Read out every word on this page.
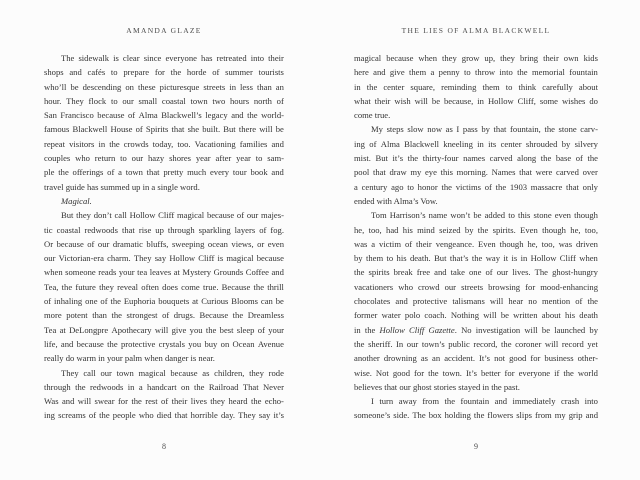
AMANDA GLAZE
The sidewalk is clear since everyone has retreated into their
shops and cafés to prepare for the horde of summer tourists
who’ll be descending on these picturesque streets in less than an
hour. They flock to our small coastal town two hours north of
San Francisco because of Alma Blackwell’s legacy and the world-
famous Blackwell House of Spirits that she built. But there will be
repeat visitors in the crowds today, too. Vacationing families and
couples who return to our hazy shores year after year to sam-
ple the offerings of a town that pretty much every tour book and
travel guide has summed up in a single word.
Magical.
But they don’t call Hollow Cliff magical because of our majes-
tic coastal redwoods that rise up through sparkling layers of fog.
Or because of our dramatic bluffs, sweeping ocean views, or even
our Victorian-era charm. They say Hollow Cliff is magical because
when someone reads your tea leaves at Mystery Grounds Coffee and
Tea, the future they reveal often does come true. Because the thrill
of inhaling one of the Euphoria bouquets at Curious Blooms can be
more potent than the strongest of drugs. Because the Dreamless
Tea at DeLongpre Apothecary will give you the best sleep of your
life, and because the protective crystals you buy on Ocean Avenue
really do warm in your palm when danger is near.
They call our town magical because as children, they rode
through the redwoods in a handcart on the Railroad That Never
Was and will swear for the rest of their lives they heard the echo-
ing screams of the people who died that horrible day. They say it’s
8
THE LIES OF ALMA BLACKWELL
magical because when they grow up, they bring their own kids
here and give them a penny to throw into the memorial fountain
in the center square, reminding them to think carefully about
what their wish will be because, in Hollow Cliff, some wishes do
come true.
My steps slow now as I pass by that fountain, the stone carv-
ing of Alma Blackwell kneeling in its center shrouded by silvery
mist. But it’s the thirty-four names carved along the base of the
pool that draw my eye this morning. Names that were carved over
a century ago to honor the victims of the 1903 massacre that only
ended with Alma’s Vow.
Tom Harrison’s name won’t be added to this stone even though
he, too, had his mind seized by the spirits. Even though he, too,
was a victim of their vengeance. Even though he, too, was driven
by them to his death. But that’s the way it is in Hollow Cliff when
the spirits break free and take one of our lives. The ghost-hungry
vacationers who crowd our streets browsing for mood-enhancing
chocolates and protective talismans will hear no mention of the
former water polo coach. Nothing will be written about his death
in the Hollow Cliff Gazette. No investigation will be launched by
the sheriff. In our town’s public record, the coroner will record yet
another drowning as an accident. It’s not good for business other-
wise. Not good for the town. It’s better for everyone if the world
believes that our ghost stories stayed in the past.
I turn away from the fountain and immediately crash into
someone’s side. The box holding the flowers slips from my grip and
9
